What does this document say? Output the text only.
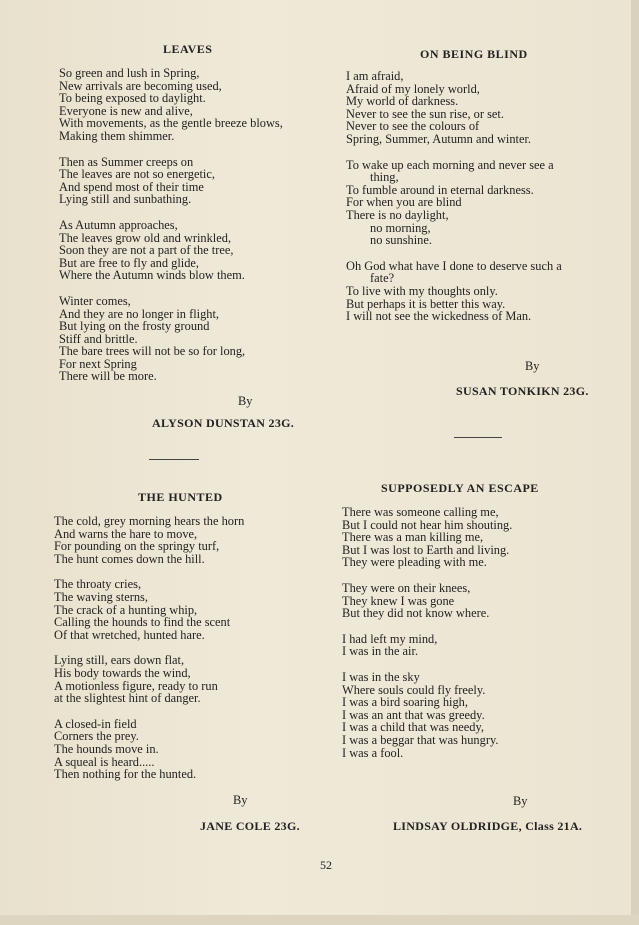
LEAVES
So green and lush in Spring,
New arrivals are becoming used,
To being exposed to daylight.
Everyone is new and alive,
With movements, as the gentle breeze blows,
Making them shimmer.
Then as Summer creeps on
The leaves are not so energetic,
And spend most of their time
Lying still and sunbathing.
As Autumn approaches,
The leaves grow old and wrinkled,
Soon they are not a part of the tree,
But are free to fly and glide,
Where the Autumn winds blow them.
Winter comes,
And they are no longer in flight,
But lying on the frosty ground
Stiff and brittle.
The bare trees will not be so for long,
For next Spring
There will be more.
By
ALYSON DUNSTAN 23G.
ON BEING BLIND
I am afraid,
Afraid of my lonely world,
My world of darkness.
Never to see the sun rise, or set.
Never to see the colours of
Spring, Summer, Autumn and winter.
To wake up each morning and never see a
thing,
To fumble around in eternal darkness.
For when you are blind
There is no daylight,
no morning,
no sunshine.
Oh God what have I done to deserve such a
fate?
To live with my thoughts only.
But perhaps it is better this way.
I will not see the wickedness of Man.
By
SUSAN TONKIKN 23G.
THE HUNTED
The cold, grey morning hears the horn
And warns the hare to move,
For pounding on the springy turf,
The hunt comes down the hill.
The throaty cries,
The waving sterns,
The crack of a hunting whip,
Calling the hounds to find the scent
Of that wretched, hunted hare.
Lying still, ears down flat,
His body towards the wind,
A motionless figure, ready to run
at the slightest hint of danger.
A closed-in field
Corners the prey.
The hounds move in.
A squeal is heard.....
Then nothing for the hunted.
By
JANE COLE 23G.
SUPPOSEDLY AN ESCAPE
There was someone calling me,
But I could not hear him shouting.
There was a man killing me,
But I was lost to Earth and living.
They were pleading with me.
They were on their knees,
They knew I was gone
But they did not know where.
I had left my mind,
I was in the air.
I was in the sky
Where souls could fly freely.
I was a bird soaring high,
I was an ant that was greedy.
I was a child that was needy,
I was a beggar that was hungry.
I was a fool.
By
LINDSAY OLDRIDGE, Class 21A.
52
